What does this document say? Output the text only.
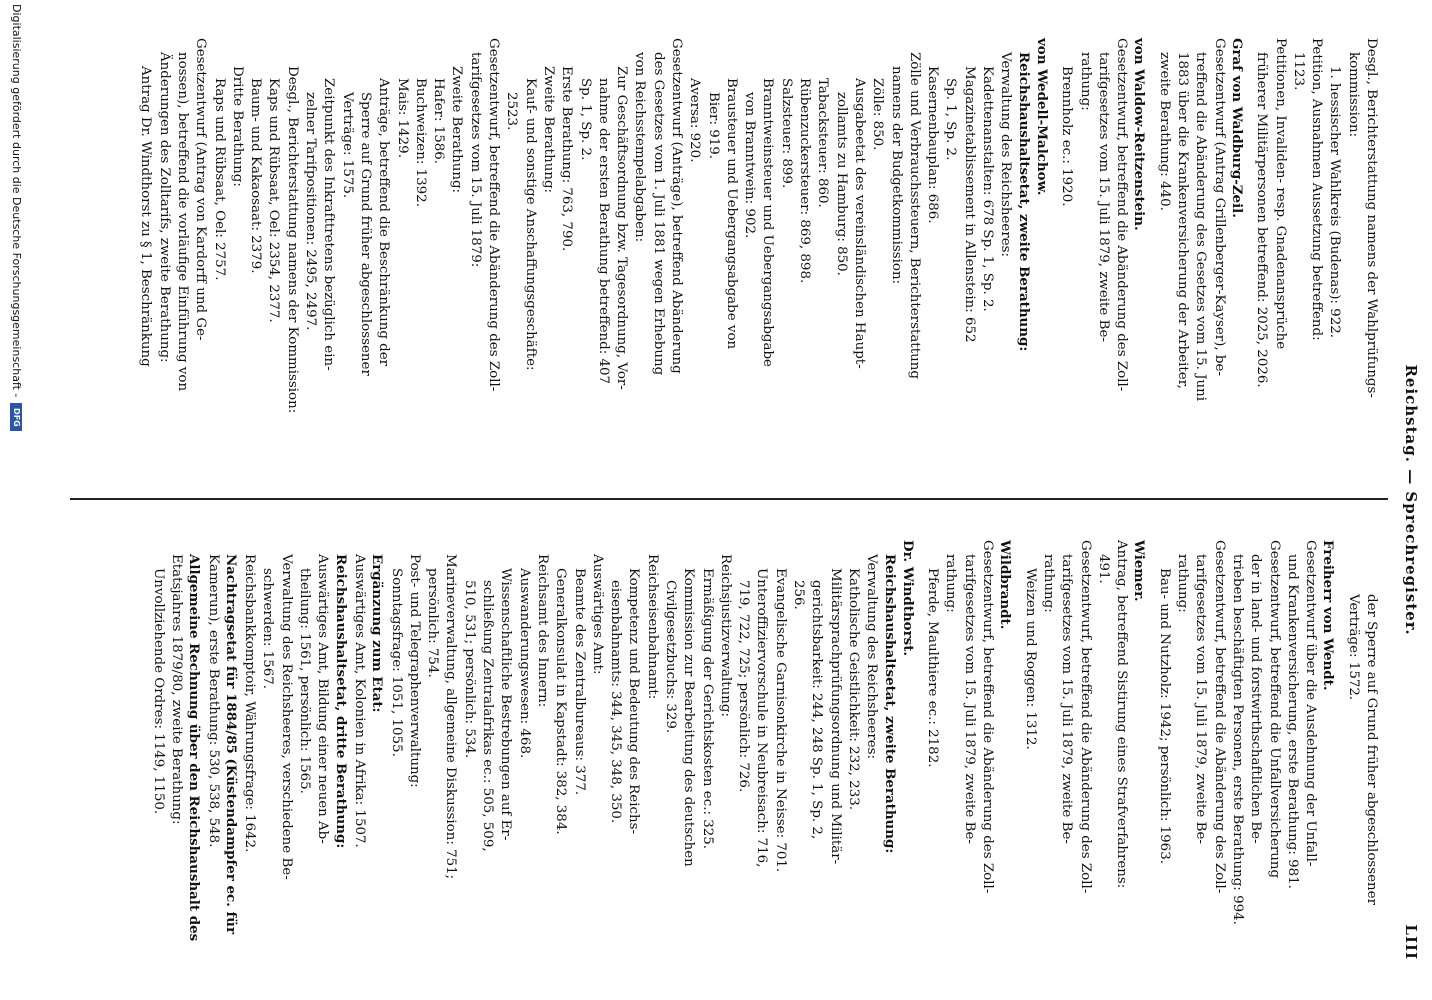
Reichstag. — Sprechregister.
LIII
Desgl., Berichterstattung namens der Wahlprüfungs-
kommission:
1. hessischer Wahlkreis (Budenas): 922.
Petition, Ausnahmen Aussetzung betreffend:
1123.
Petitionen, Invaliden- resp. Gnadenansprüche
früherer Militärpersonen betreffend: 2025, 2026.
Graf von Waldburg-Zeil.
Gesetzentwurf (Antrag Grillenberger-Kayser), be-
treffend die Abänderung des Gesetzes vom 15. Juni
1883 über die Krankenversicherung der Arbeiter,
zweite Berathung: 440.
von Waldow-Reitzenstein.
Gesetzentwurf, betreffend die Abänderung des Zoll-
tarifgesetzes vom 15. Juli 1879, zweite Be-
rathung:
Brennholz ec.: 1920.
von Wedell-Malchow.
Reichshaushaltsetat, zweite Berathung:
Verwaltung des Reichsheeres:
Kadettenanstalten: 678 Sp. 1, Sp. 2.
Magazinetablissement in Allenstein: 652
Sp. 1, Sp. 2.
Kasernenbauplan: 686.
Zölle und Verbrauchssteuern, Berichterstattung
namens der Budgetkommission:
Zölle: 850.
Ausgabeetat des vereinsländischen Haupt-
zollamts zu Hamburg: 850.
Tabacksteuer: 860.
Rübenzuckersteuer: 869, 898.
Salzsteuer: 899.
Branntweinsteuer und Uebergangsabgabe
von Branntwein: 902.
Brausteuer und Uebergangsabgabe von
Bier: 919.
Aversa: 920.
Gesetzentwurf (Anträge), betreffend Abänderung
des Gesetzes vom 1. Juli 1881 wegen Erhebung
von Reichsstempelabgaben:
Zur Geschäftsordnung bzw. Tagesordnung, Vor-
nahme der ersten Berathung betreffend: 407
Sp. 1, Sp. 2.
Erste Berathung: 763, 790.
Zweite Berathung:
Kauf- und sonstige Anschaffungsgeschäfte:
2523.
Gesetzentwurf, betreffend die Abänderung des Zoll-
tarifgesetzes vom 15. Juli 1879:
Zweite Berathung:
Hafer: 1586.
Buchweizen: 1392.
Mais: 1429.
Anträge, betreffend die Beschränkung der
Sperre auf Grund früher abgeschlossener
Verträge: 1575.
Zeitpunkt des Inkrafttretens bezüglich ein-
zelner Tarifpositionen: 2495, 2497.
Desgl., Berichterstattung namens der Kommission:
Kaps und Rübsaat, Oel: 2354, 2377.
Baum- und Kakaosaat: 2379.
Dritte Berathung:
Raps und Rübsaat, Oel: 2757.
Gesetzentwurf (Antrag von Kardorff und Ge-
nossen), betreffend die vorläufige Einführung von
Änderungen des Zolltarifs, zweite Berathung:
Antrag Dr. Windthorst zu § 1, Beschränkung
der Sperre auf Grund früher abgeschlossener
Verträge: 1572.
Freiherr von Wendt.
Gesetzentwurf über die Ausdehnung der Unfall-
und Krankenversicherung, erste Berathung: 981.
Gesetzentwurf, betreffend die Unfallversicherung
der in land- und forstwirthschaftlichen Be-
trieben beschäftigten Personen, erste Berathung: 994.
Gesetzentwurf, betreffend die Abänderung des Zoll-
tarifgesetzes vom 15. Juli 1879, zweite Be-
rathung:
Bau- und Nutzholz: 1942; persönlich: 1963.
Wiemer.
Antrag, betreffend Sistirung eines Strafverfahrens:
491.
Gesetzentwurf, betreffend die Abänderung des Zoll-
tarifgesetzes vom 15. Juli 1879, zweite Be-
rathung:
Weizen und Roggen: 1312.
Wildbrandt.
Gesetzentwurf, betreffend die Abänderung des Zoll-
tarifgesetzes vom 15. Juli 1879, zweite Be-
rathung:
Pferde, Maulthiere ec.: 2182.
Dr. Windthorst.
Reichshaushaltsetat, zweite Berathung:
Verwaltung des Reichsheeres:
Katholische Geistlichkeit: 232, 233.
Militärsprachprüfungsordnung und Militär-
gerichtsbarkeit: 244, 248 Sp. 1, Sp. 2,
256.
Evangelische Garnisonkirche in Neisse: 701.
Unteroffiziervorschule in Neubreisach: 716,
719, 722, 725; persönlich: 726.
Reichsjustizverwaltung:
Ermäßigung der Gerichtskosten ec.: 325.
Kommission zur Bearbeitung des deutschen
Civilgesetzbuchs: 329.
Reichseisenbahnamt:
Kompetenz und Bedeutung des Reichs-
eisenbahnamts: 344, 345, 348, 350.
Auswärtiges Amt:
Beamte des Zentralbureaus: 377.
Generalkonsulat in Kapstadt: 382, 384.
Reichsamt des Innern:
Auswanderungswesen: 468.
Wissenschaftliche Bestrebungen auf Er-
schließung Zentralafrikas ec.: 505, 509,
510, 531; persönlich: 534.
Marineverwaltung, allgemeine Diskussion: 751;
persönlich: 754.
Post- und Telegraphenverwaltung:
Sonntagsfrage: 1051, 1055.
Ergänzung zum Etat:
Auswärtiges Amt, Kolonien in Afrika: 1507.
Reichshaushaltsetat, dritte Berathung:
Auswärtiges Amt, Bildung einer neuen Ab-
theilung: 1561, persönlich: 1565.
Verwaltung des Reichsheeres, verschiedene Be-
schwerden: 1567.
Reichsbankkomptoir, Währungsfrage: 1642.
Nachtragsetat für 1884/85 (Küstendampfer ec. für
Kamerun), erste Berathung: 530, 538, 548.
Allgemeine Rechnung über den Reichshaushalt des
Etatsjahres 1879/80, zweite Berathung:
Unvollziehende Ordres: 1149, 1150.
Digitalisierung gefördert durch die Deutsche Forschungsgemeinschaft -
DFG
